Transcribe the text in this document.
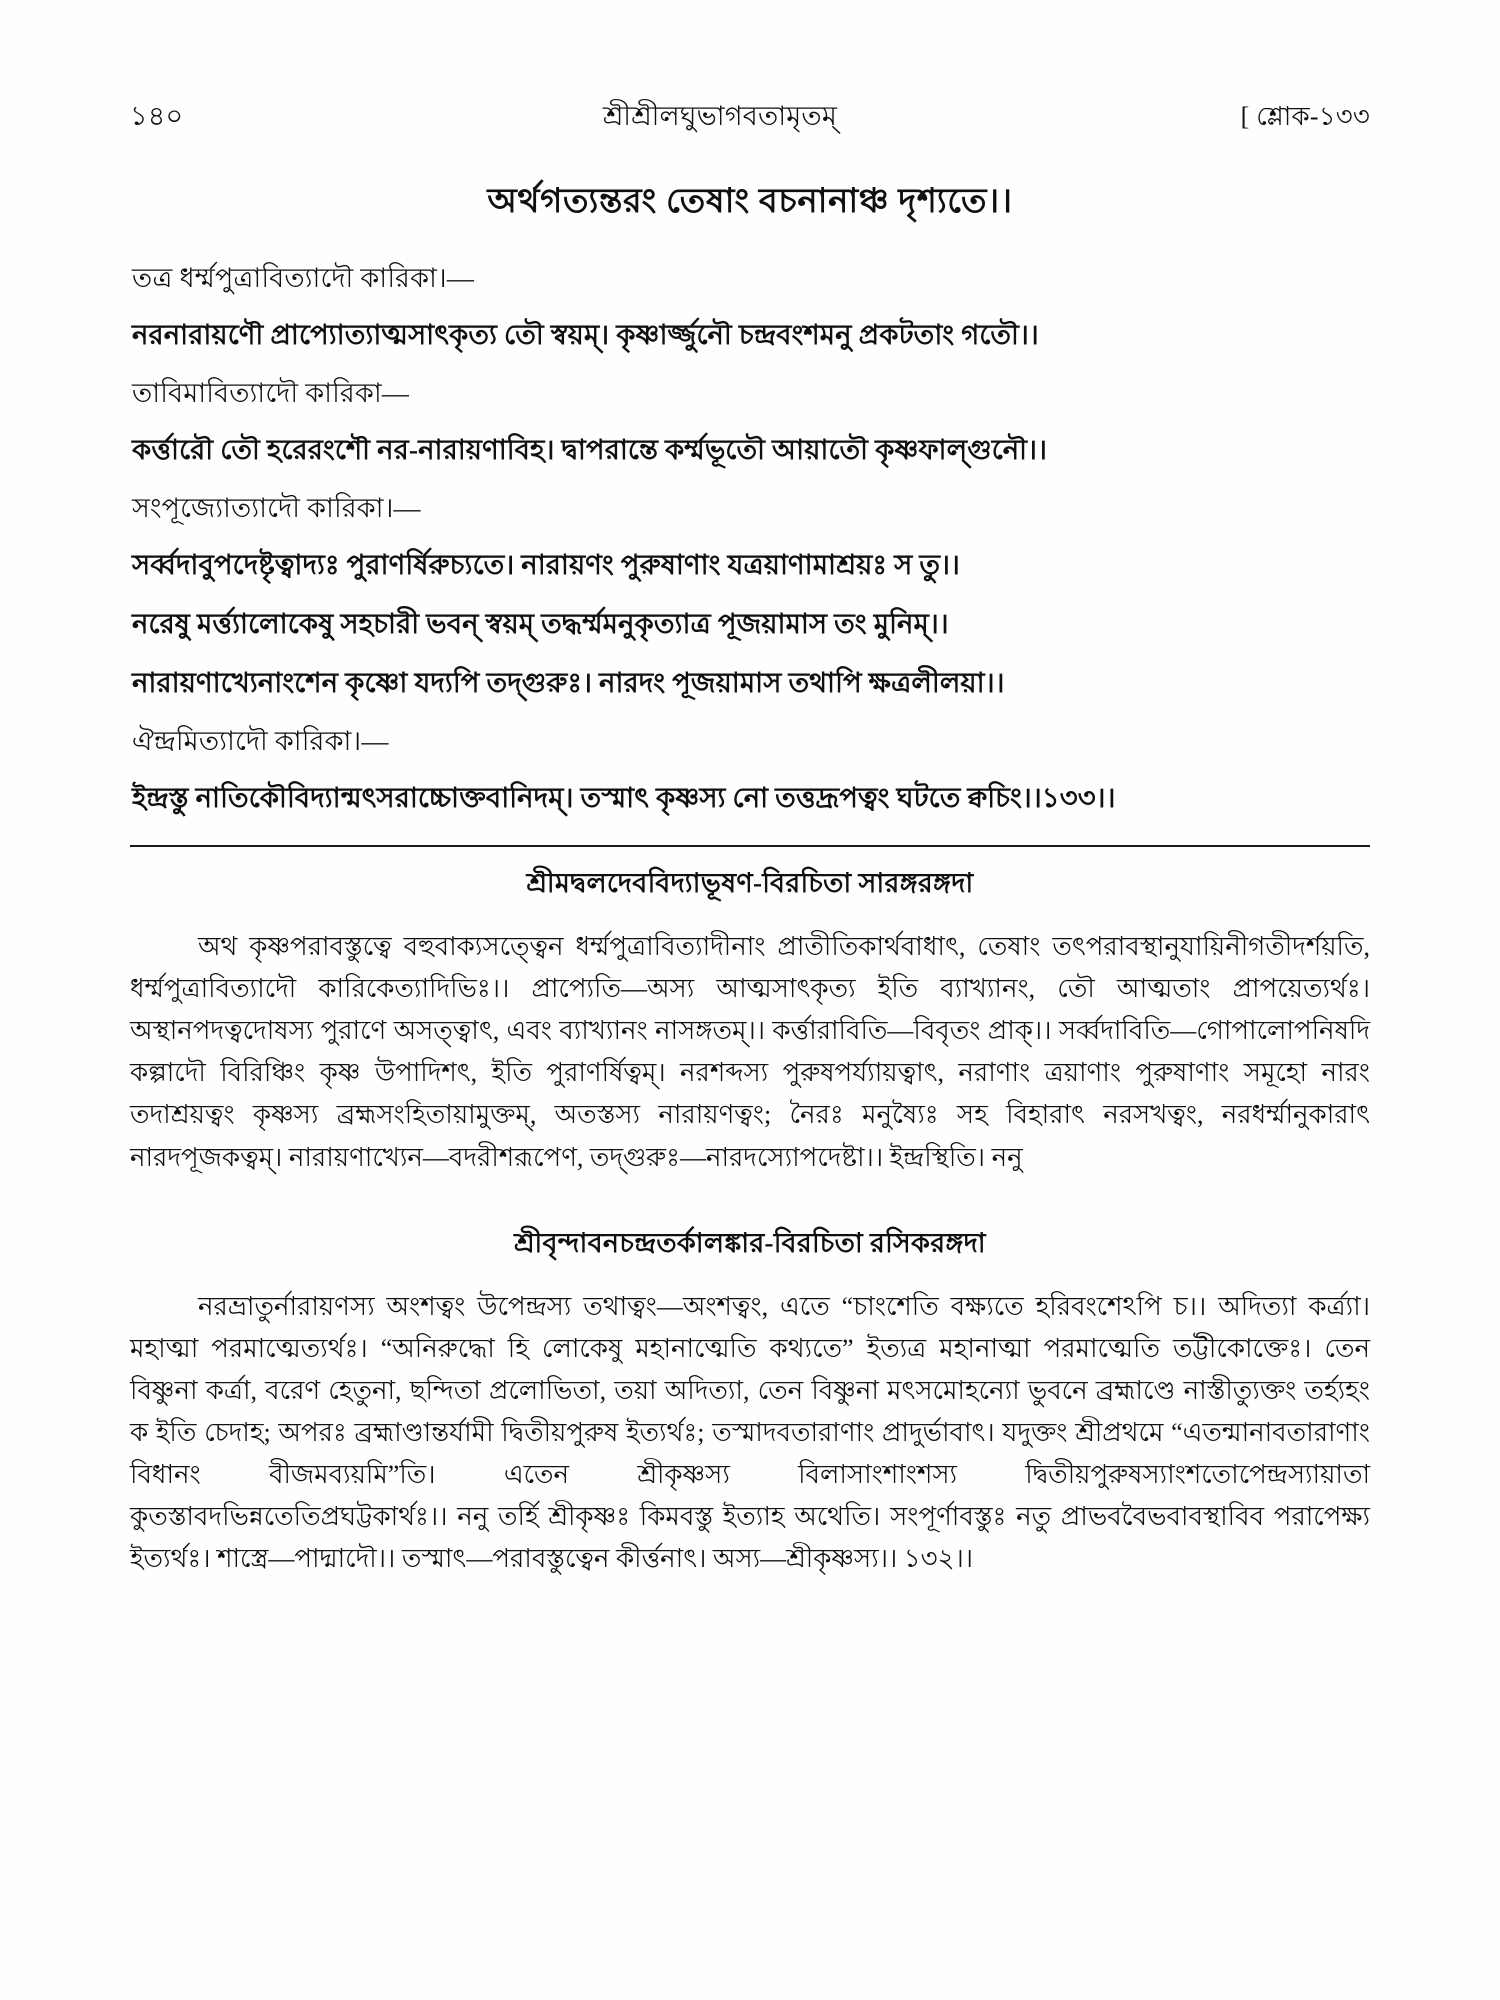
১৪০	শ্রীশ্রীলঘুভাগবতামৃতম্	[ শ্লোক-১৩৩
অর্থগত্যন্তরং তেষাং বচনানাঞ্চ দৃশ্যতে।।
তত্র ধর্ম্মপুত্রাবিত্যাদৌ কারিকা।—
নরনারায়ণৌ প্রাপ্যোত্যাত্মসাৎকৃত্য তৌ স্বয়ম্। কৃষ্ণার্জ্জুনৌ চন্দ্রবংশমনু প্রকটতাং গতৌ।।
তাবিমাবিত্যাদৌ কারিকা—
কর্ত্তারৌ তৌ হরেরংশৌ নর-নারায়ণাবিহ। দ্বাপরান্তে কর্ম্মভূতৌ আয়াতৌ কৃষ্ণফাল্গুনৌ।।
সংপূজ্যোত্যাদৌ কারিকা।—
সর্ব্বদাবুপদেষ্টৃত্বাদ্যঃ পুরাণর্ষিরুচ্যতে। নারায়ণং পুরুষাণাং যত্রয়াণামাশ্রয়ঃ স তু।।
নরেষু মর্ত্ত্যালোকেষু সহচারী ভবন্ স্বয়ম্ তদ্ধর্ম্মমনুকৃত্যাত্র পূজয়ামাস তং মুনিম্।।
নারায়ণাখ্যেনাংশেন কৃষ্ণো যদ্যপি তদ্গুরুঃ। নারদং পূজয়ামাস তথাপি ক্ষত্রলীলয়া।।
ঐন্দ্রমিত্যাদৌ কারিকা।—
ইন্দ্রস্তু নাতিকৌবিদ্যান্মৎসরাচ্চোক্তবানিদম্। তস্মাৎ কৃষ্ণস্য নো তত্তদ্রূপত্বং ঘটতে ক্বচিং।।১৩৩।।
শ্রীমদ্বলদেববিদ্যাভূষণ-বিরচিতা সারঙ্গরঙ্গদা
অথ কৃষ্ণপরাবস্তুত্বে বহুবাক্যসত্ত্বেন ধর্ম্মপুত্রাবিত্যাদীনাং প্রাতীতিকার্থবাধাৎ, তেষাং তৎপরাবস্থানুযায়িনীগতীদর্শয়তি, ধর্ম্মপুত্রাবিত্যাদৌ কারিকেত্যাদিভিঃ।। প্রাপ্যেতি—অস্য আত্মসাৎকৃত্য ইতি ব্যাখ্যানং, তৌ আত্মতাং প্রাপয়েত্যর্থঃ। অস্থানপদত্বদোষস্য পুরাণে অসত্ত্বাৎ, এবং ব্যাখ্যানং নাসঙ্গতম্।। কর্ত্তারাবিতি—বিবৃতং প্রাক্।। সর্ব্বদাবিতি—গোপালোপনিষদি কল্পাদৌ বিরিঞ্চিং কৃষ্ণ উপাদিশৎ, ইতি পুরাণর্ষিত্বম্। নরশব্দস্য পুরুষপর্য্যায়ত্বাৎ, নরাণাং ত্রয়াণাং পুরুষাণাং সমূহো নারং তদাশ্রয়ত্বং কৃষ্ণস্য ব্রহ্মসংহিতায়ামুক্তম্, অতস্তস্য নারায়ণত্বং; নৈরঃ মনুষ্যৈঃ সহ বিহারাৎ নরসখত্বং, নরধর্ম্মানুকারাৎ নারদপূজকত্বম্। নারায়ণাখ্যেন—বদরীশরূপেণ, তদ্গুরুঃ—নারদস্যোপদেষ্টা।। ইন্দ্রস্থিতি। ননু
শ্রীবৃন্দাবনচন্দ্রতর্কালঙ্কার-বিরচিতা রসিকরঙ্গদা
নরভ্রাতুর্নারায়ণস্য অংশত্বং উপেন্দ্রস্য তথাত্বং—অংশত্বং, এতে “চাংশেতি বক্ষ্যতে হরিবংশেঽপি চ।। অদিত্যা কর্ত্র্যা। মহাত্মা পরমাত্মেত্যর্থঃ। “অনিরুদ্ধো হি লোকেষু মহানাত্মেতি কথ্যতে” ইত্যত্র মহানাত্মা পরমাত্মেতি তট্টীকোক্তেঃ। তেন বিষ্ণুনা কর্ত্রা, বরেণ হেতুনা, ছন্দিতা প্রলোভিতা, তয়া অদিত্যা, তেন বিষ্ণুনা মৎসমোহন্যো ভুবনে ব্রহ্মাণ্ডে নাস্তীত্যুক্তং তর্হ্যহং ক ইতি চেদাহ; অপরঃ ব্রহ্মাণ্ডান্তর্যামী দ্বিতীয়পুরুষ ইত্যর্থঃ; তস্মাদবতারাণাং প্রাদুর্ভাবাৎ। যদুক্তং শ্রীপ্রথমে “এতন্মানাবতারাণাং বিধানং বীজমব্যয়মি”তি। এতেন শ্রীকৃষ্ণস্য বিলাসাংশাংশস্য দ্বিতীয়পুরুষস্যাংশতোপেন্দ্রস্যায়াতা কুতস্তাবদভিন্নতেতিপ্রঘট্টকার্থঃ।। ননু তর্হি শ্রীকৃষ্ণঃ কিমবস্তু ইত্যাহ অথেতি। সংপূর্ণাবস্তুঃ নতু প্রাভববৈভবাবস্থাবিব পরাপেক্ষ্য ইত্যর্থঃ। শাস্ত্রে—পাদ্মাদৌ।। তস্মাৎ—পরাবস্তুত্বেন কীর্ত্তনাৎ। অস্য—শ্রীকৃষ্ণস্য।। ১৩২।।
